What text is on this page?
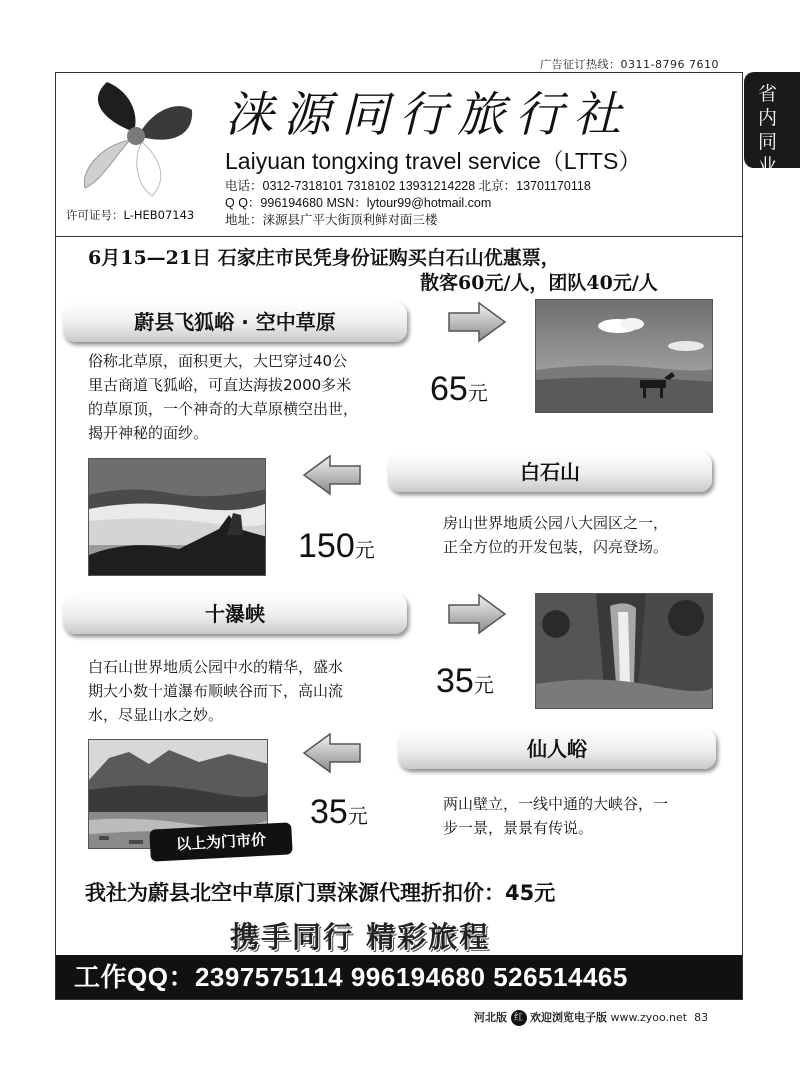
广告征订热线：0311-8796 7610
省内同业
涞源同行旅行社
Laiyuan tongxing travel service（LTTS）
电话：0312-7318101 7318102 13931214228 北京：13701170118
Q Q：996194680 MSN：lytour99@hotmail.com
地址：涞源县广平大街顶利鲜对面三楼
许可证号：L-HEB07143
6月15—21日 石家庄市民凭身份证购买白石山优惠票，
散客60元/人，团队40元/人
蔚县飞狐峪 · 空中草原
俗称北草原，面积更大，大巴穿过40公
里古商道飞狐峪，可直达海拔2000多米
的草原顶，一个神奇的大草原横空出世，
揭开神秘的面纱。
65元
白石山
房山世界地质公园八大园区之一，
正全方位的开发包装，闪亮登场。
150元
十瀑峡
白石山世界地质公园中水的精华，盛水
期大小数十道瀑布顺峡谷而下，高山流
水，尽显山水之妙。
35元
仙人峪
两山壁立，一线中通的大峡谷，一
步一景，景景有传说。
35元
以上为门市价
我社为蔚县北空中草原门票涞源代理折扣价：45元
携手同行 精彩旅程
工作QQ：2397575114 996194680 526514465
河北版 红 欢迎浏览电子版 www.zyoo.net 83
